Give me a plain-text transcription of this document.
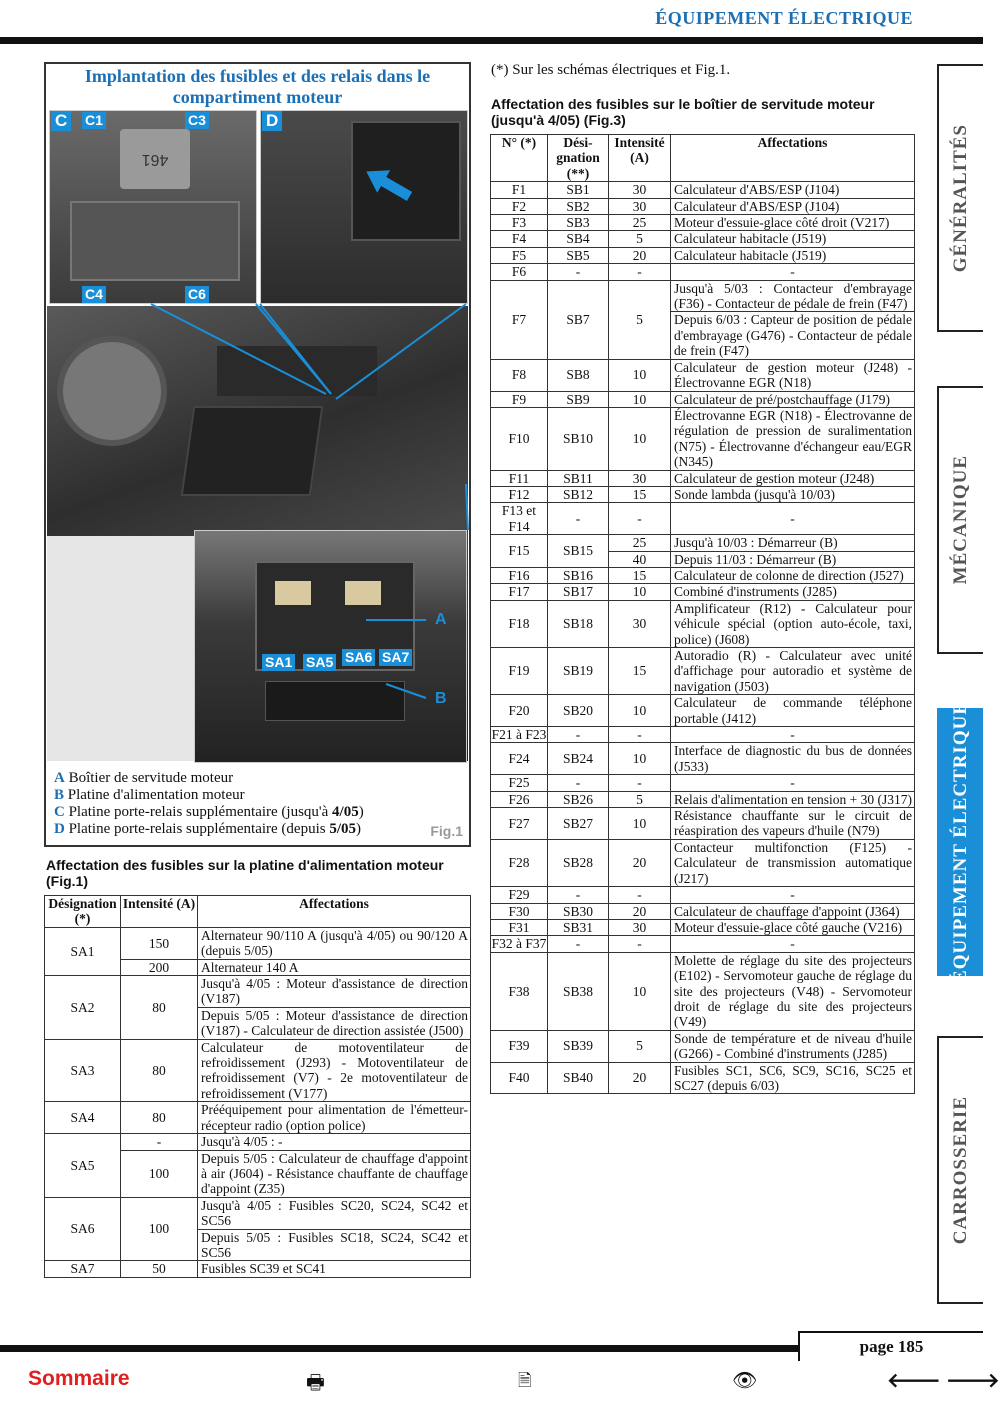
ÉQUIPEMENT ÉLECTRIQUE
GÉNÉRALITÉS
MÉCANIQUE
ÉQUIPEMENT ÉLECTRIQUE
CARROSSERIE
Implantation des fusibles et des relais dans le compartiment moteur
461
C C1	C3
C4	C6
D
A
B
SA1 SA5 SA6 SA7
A Boîtier de servitude moteur
B Platine d'alimentation moteur
C Platine porte-relais supplémentaire (jusqu'à 4/05)
D Platine porte-relais supplémentaire (depuis 5/05)	Fig.1
Affectation des fusibles sur la platine d'alimentation moteur (Fig.1)
Désignation (*)	Intensité (A)	Affectations
SA1	150	Alternateur 90/110 A (jusqu'à 4/05) ou 90/120 A (depuis 5/05)
	200	Alternateur 140 A
SA2	80	Jusqu'à 4/05 : Moteur d'assistance de direction (V187)
		Depuis 5/05 : Moteur d'assistance de direction (V187) - Calculateur de direction assistée (J500)
SA3	80	Calculateur de motoventilateur de refroidissement (J293) - Motoventilateur de refroidissement (V7) - 2e motoventilateur de refroidissement (V177)
SA4	80	Prééquipement pour alimentation de l'émetteur-récepteur radio (option police)
SA5	-	Jusqu'à 4/05 : -
	100	Depuis 5/05 : Calculateur de chauffage d'appoint à air (J604) - Résistance chauffante de chauffage d'appoint (Z35)
SA6	100	Jusqu'à 4/05 : Fusibles SC20, SC24, SC42 et SC56
		Depuis 5/05 : Fusibles SC18, SC24, SC42 et SC56
SA7	50	Fusibles SC39 et SC41
(*) Sur les schémas électriques et Fig.1.
Affectation des fusibles sur le boîtier de servitude moteur (jusqu'à 4/05) (Fig.3)
N° (*)	Dési-gnation (**)	Intensité (A)	Affectations
F1	SB1	30	Calculateur d'ABS/ESP (J104)
F2	SB2	30	Calculateur d'ABS/ESP (J104)
F3	SB3	25	Moteur d'essuie-glace côté droit (V217)
F4	SB4	5	Calculateur habitacle (J519)
F5	SB5	20	Calculateur habitacle (J519)
F6	-	-	-
F7	SB7	5	Jusqu'à 5/03 : Contacteur d'embrayage (F36) - Contacteur de pédale de frein (F47)
			Depuis 6/03 : Capteur de position de pédale d'embrayage (G476) - Contacteur de pédale de frein (F47)
F8	SB8	10	Calculateur de gestion moteur (J248) - Électrovanne EGR (N18)
F9	SB9	10	Calculateur de pré/postchauffage (J179)
F10	SB10	10	Électrovanne EGR (N18) - Électrovanne de régulation de pression de suralimentation (N75) - Électrovanne d'échangeur eau/EGR (N345)
F11	SB11	30	Calculateur de gestion moteur (J248)
F12	SB12	15	Sonde lambda (jusqu'à 10/03)
F13 et F14	-	-	-
F15	SB15	25	Jusqu'à 10/03 : Démarreur (B)
		40	Depuis 11/03 : Démarreur (B)
F16	SB16	15	Calculateur de colonne de direction (J527)
F17	SB17	10	Combiné d'instruments (J285)
F18	SB18	30	Amplificateur (R12) - Calculateur pour véhicule spécial (option auto-école, taxi, police) (J608)
F19	SB19	15	Autoradio (R) - Calculateur avec unité d'affichage pour autoradio et système de navigation (J503)
F20	SB20	10	Calculateur de commande téléphone portable (J412)
F21 à F23	-	-	-
F24	SB24	10	Interface de diagnostic du bus de données (J533)
F25	-	-	-
F26	SB26	5	Relais d'alimentation en tension + 30 (J317)
F27	SB27	10	Résistance chauffante sur le circuit de réaspiration des vapeurs d'huile (N79)
F28	SB28	20	Contacteur multifonction (F125) - Calculateur de transmission automatique (J217)
F29	-	-	-
F30	SB30	20	Calculateur de chauffage d'appoint (J364)
F31	SB31	30	Moteur d'essuie-glace côté gauche (V216)
F32 à F37	-	-	-
F38	SB38	10	Molette de réglage du site des projecteurs (E102) - Servomoteur gauche de réglage du site des projecteurs (V48) - Servomoteur droit de réglage du site des projecteurs (V49)
F39	SB39	5	Sonde de température et de niveau d'huile (G266) - Combiné d'instruments (J285)
F40	SB40	20	Fusibles SC1, SC6, SC9, SC16, SC25 et SC27 (depuis 6/03)
page 185
Sommaire	🖶	🗎	👁	🡐 🡒
